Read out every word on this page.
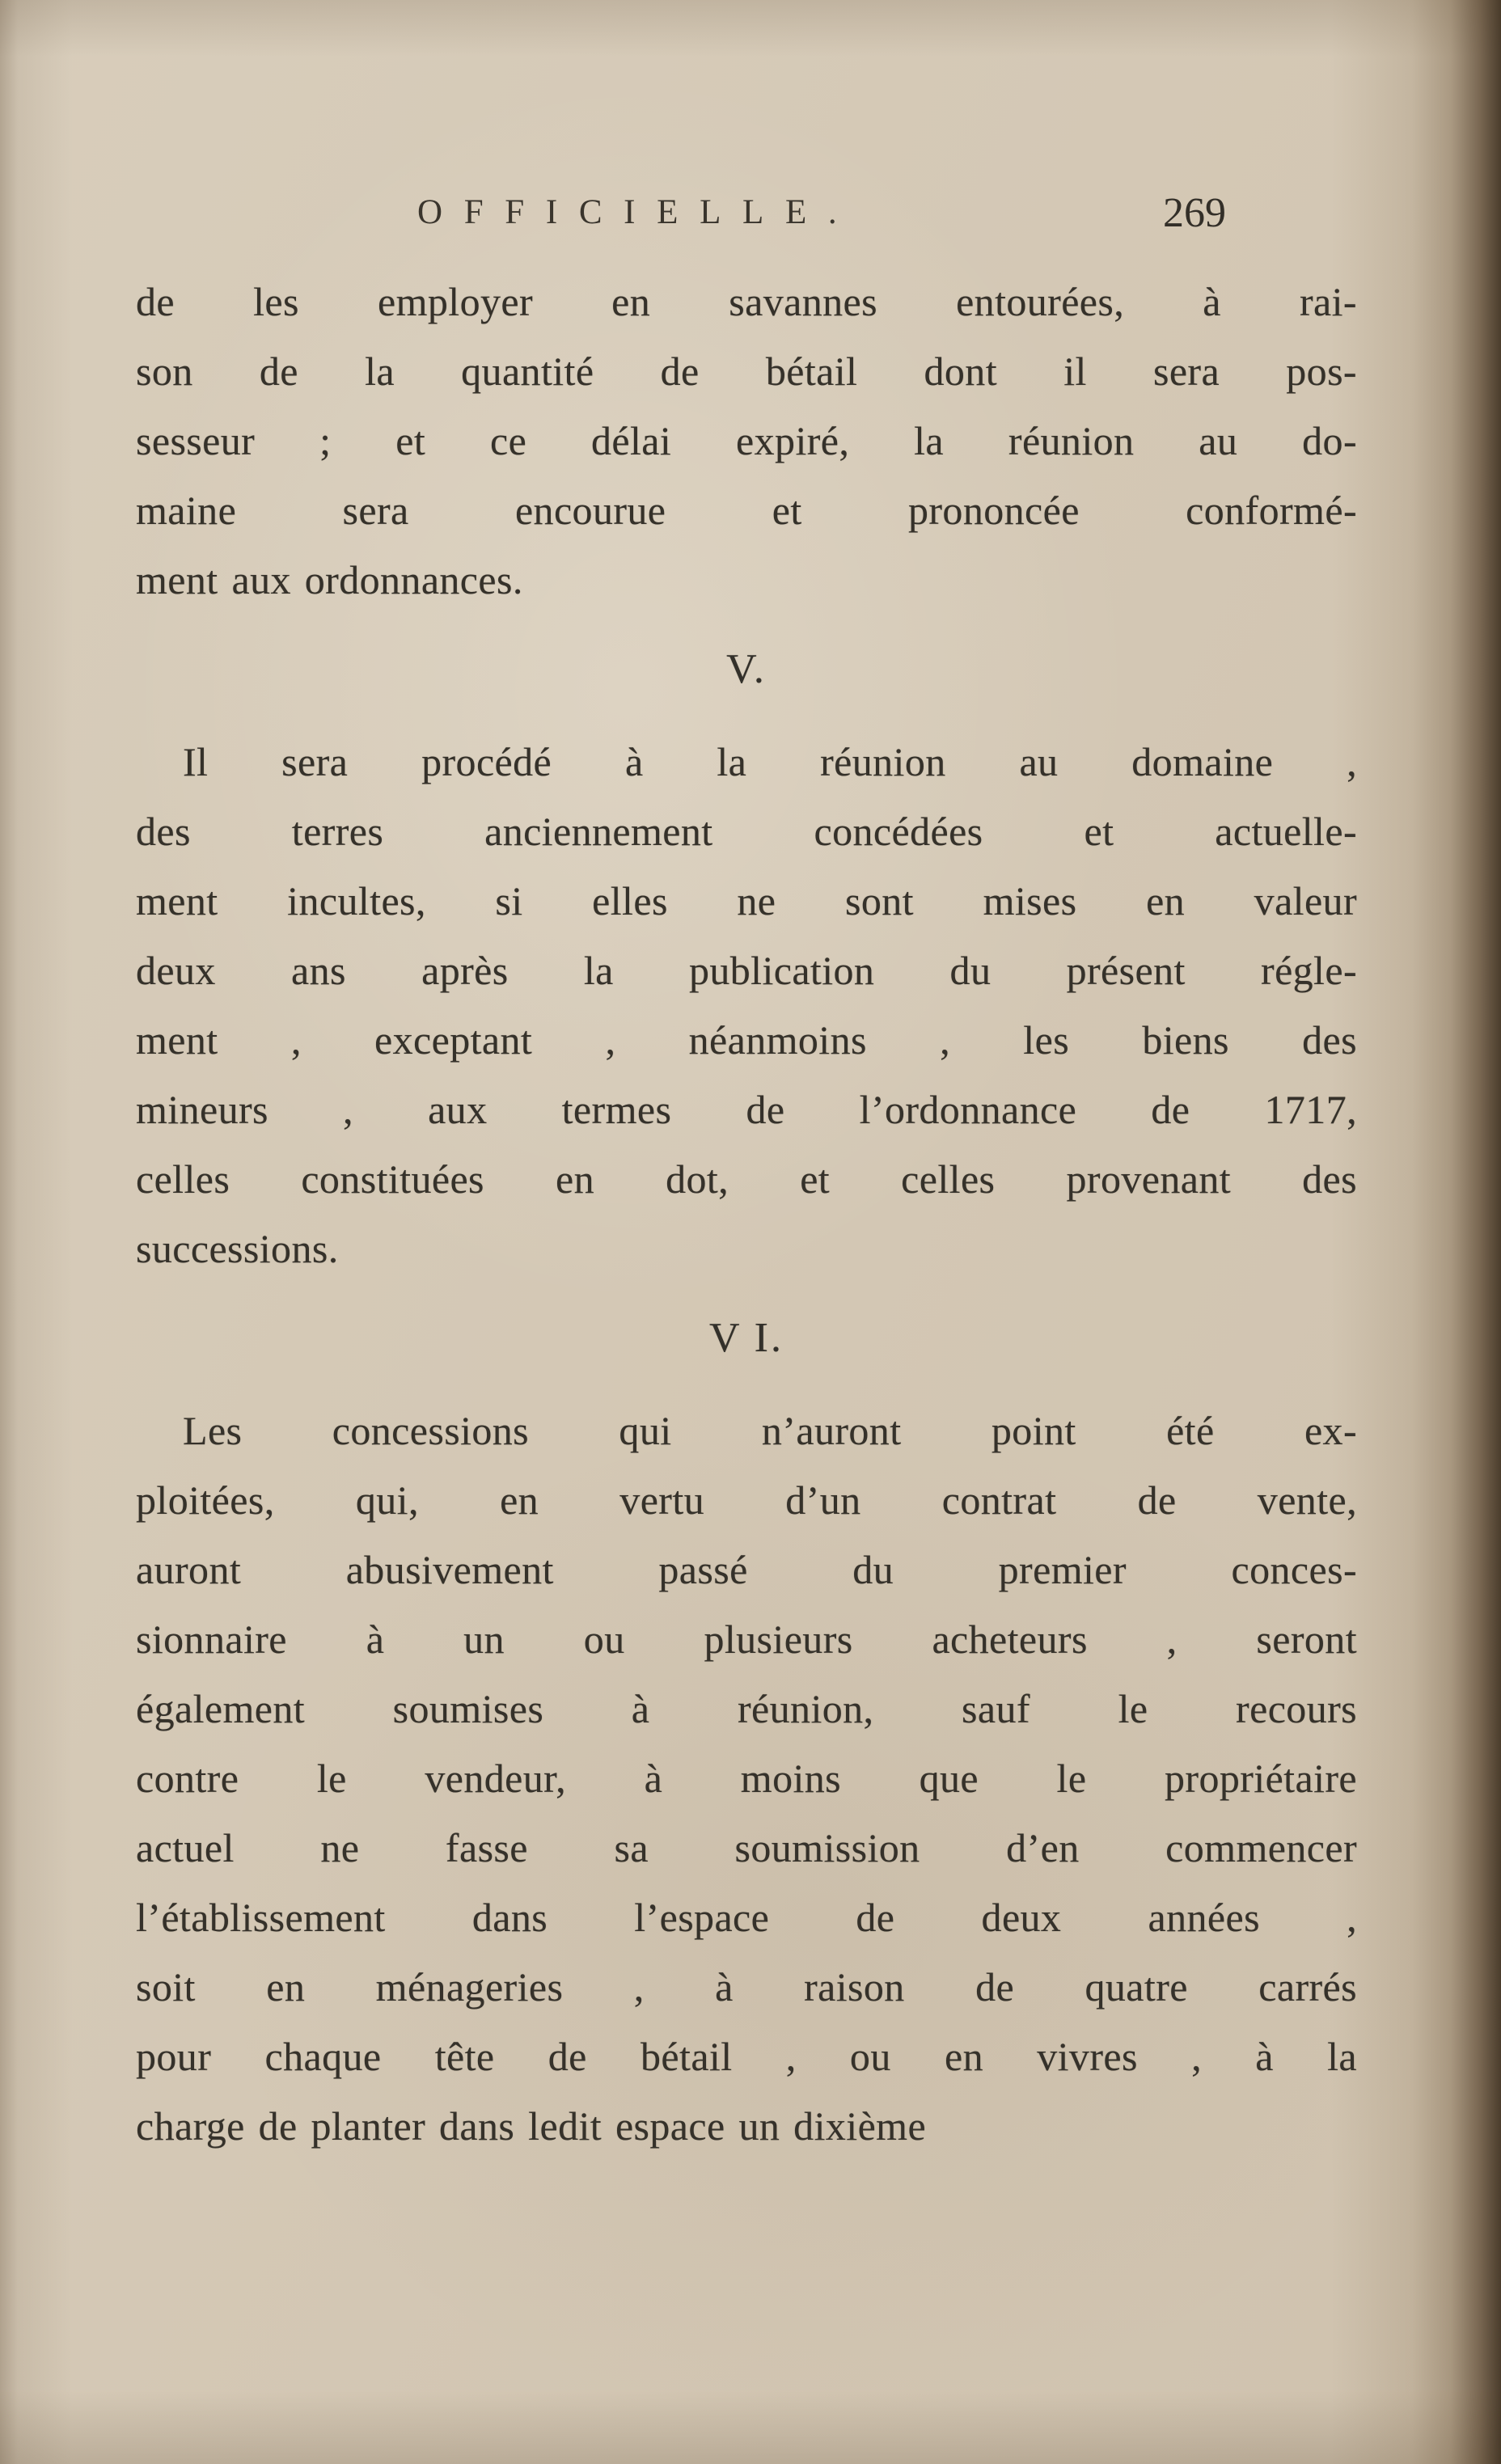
OFFICIELLE.	269
de les employer en savannes entourées, à rai-
son de la quantité de bétail dont il sera pos-
sesseur ; et ce délai expiré, la réunion au do-
maine sera encourue et prononcée conformé-
ment aux ordonnances.
V.
Il sera procédé à la réunion au domaine ,
des terres anciennement concédées et actuelle-
ment incultes, si elles ne sont mises en valeur
deux ans après la publication du présent régle-
ment , exceptant , néanmoins , les biens des
mineurs , aux termes de l’ordonnance de 1717,
celles constituées en dot, et celles provenant des
successions.
V I.
Les concessions qui n’auront point été ex-
ploitées, qui, en vertu d’un contrat de vente,
auront abusivement passé du premier conces-
sionnaire à un ou plusieurs acheteurs , seront
également soumises à réunion, sauf le recours
contre le vendeur, à moins que le propriétaire
actuel ne fasse sa soumission d’en commencer
l’établissement dans l’espace de deux années ,
soit en ménageries , à raison de quatre carrés
pour chaque tête de bétail , ou en vivres , à la
charge de planter dans ledit espace un dixième
